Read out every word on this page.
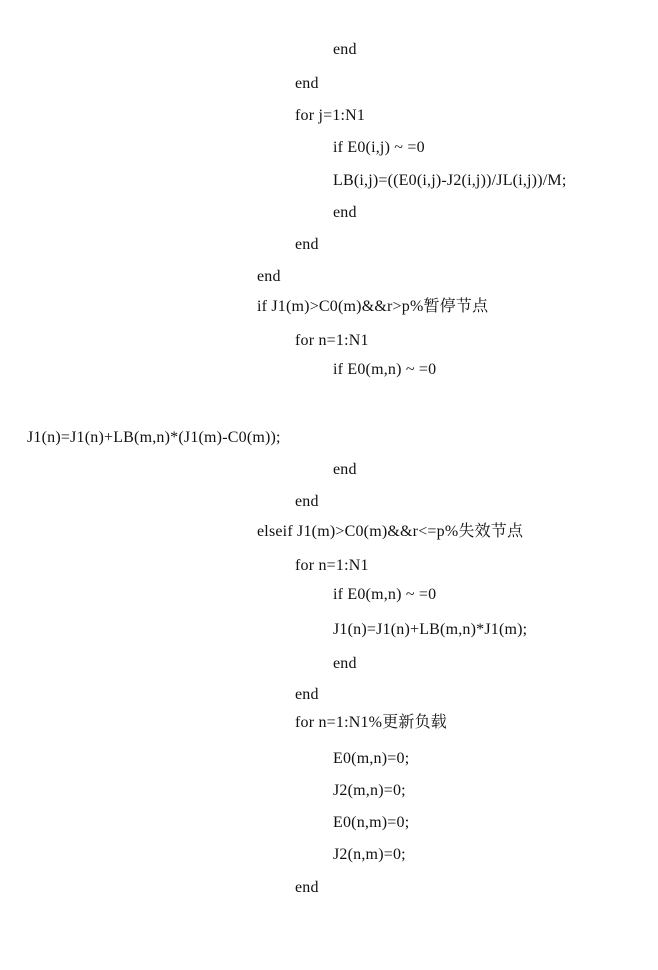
end
end
for j=1:N1
if E0(i,j) ~ =0
LB(i,j)=((E0(i,j)-J2(i,j))/JL(i,j))/M;
end
end
end
if J1(m)>C0(m)&&r>p%暂停节点
for n=1:N1
if E0(m,n) ~ =0
J1(n)=J1(n)+LB(m,n)*(J1(m)-C0(m));
end
end
elseif J1(m)>C0(m)&&r<=p%失效节点
for n=1:N1
if E0(m,n) ~ =0
J1(n)=J1(n)+LB(m,n)*J1(m);
end
end
for n=1:N1%更新负载
E0(m,n)=0;
J2(m,n)=0;
E0(n,m)=0;
J2(n,m)=0;
end
